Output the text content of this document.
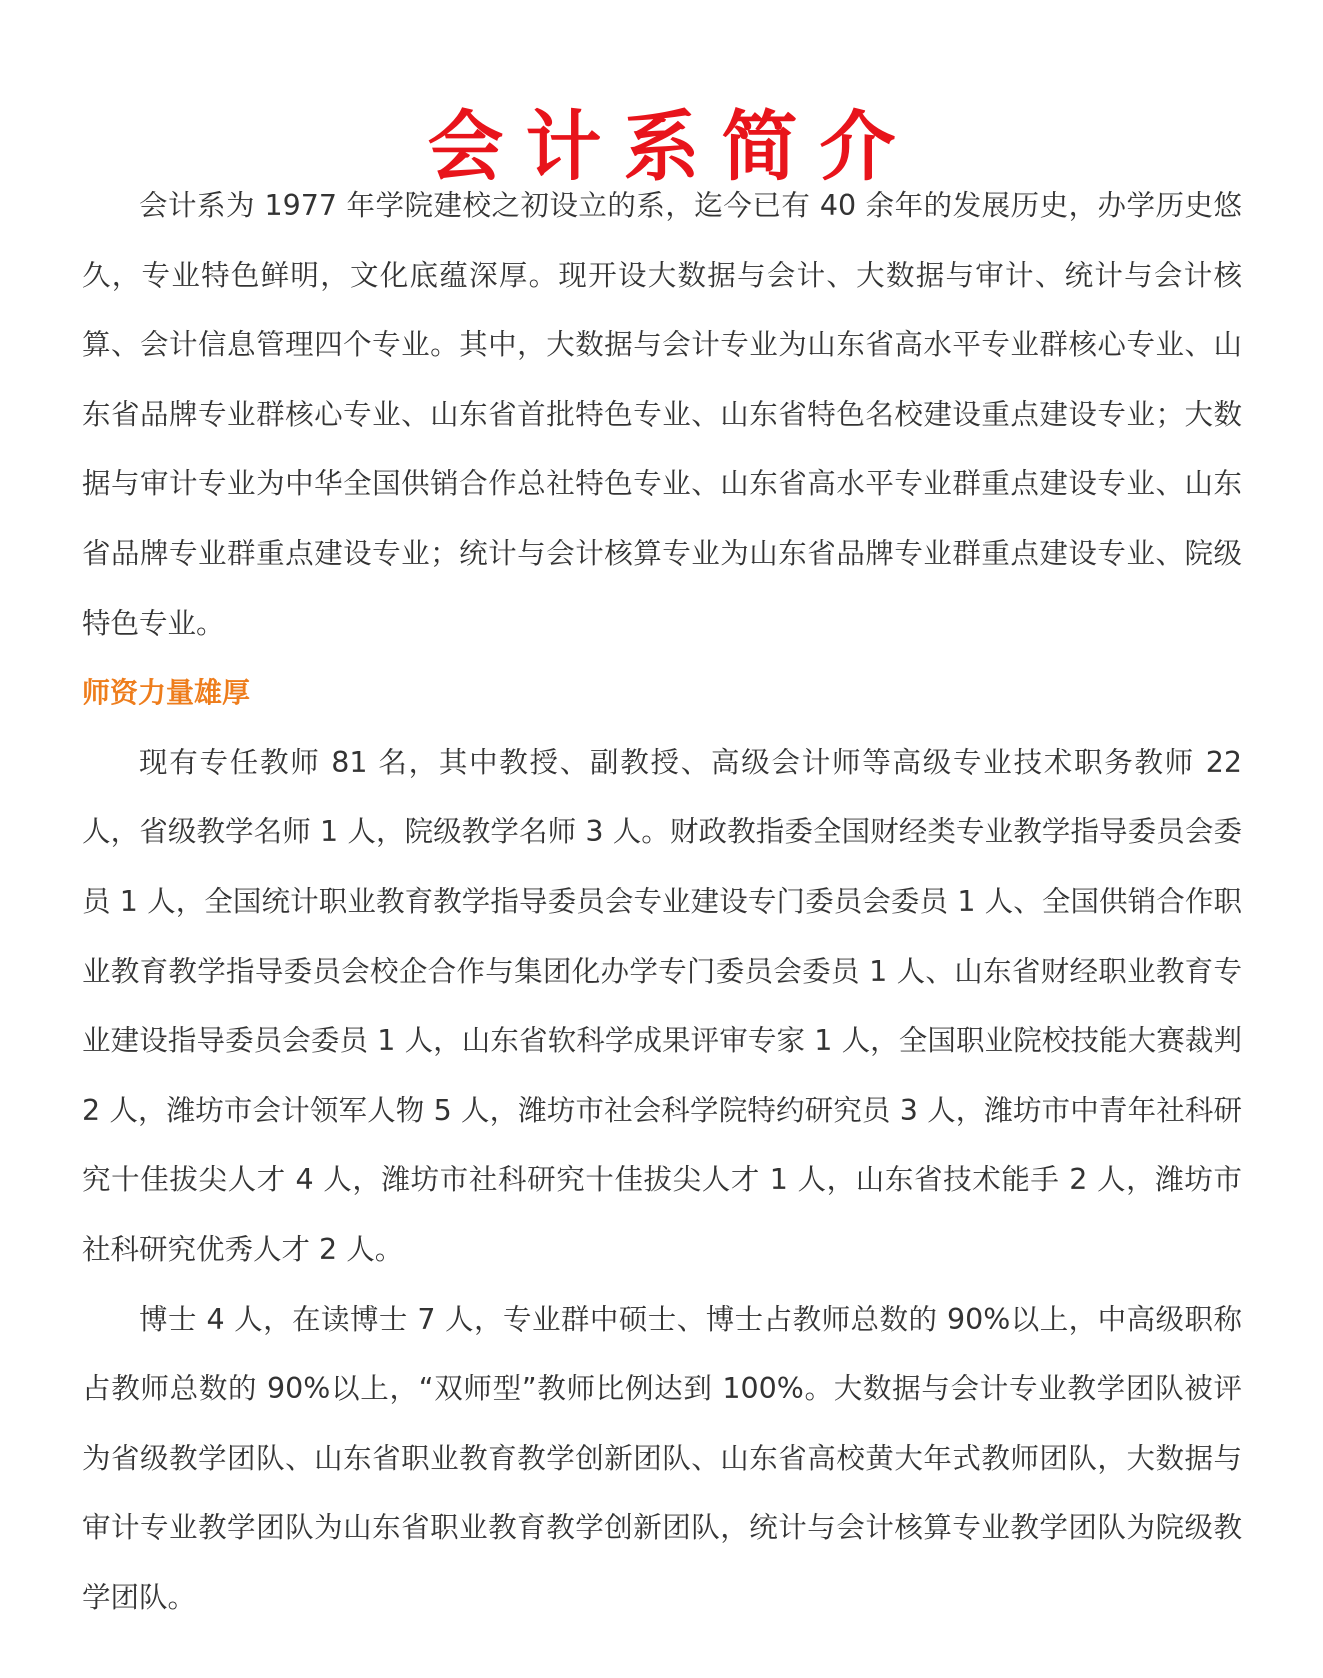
会计系简介

会计系为 1977 年学院建校之初设立的系，迄今已有 40 余年的发展历史，办学历史悠久，专业特色鲜明，文化底蕴深厚。现开设大数据与会计、大数据与审计、统计与会计核算、会计信息管理四个专业。其中，大数据与会计专业为山东省高水平专业群核心专业、山东省品牌专业群核心专业、山东省首批特色专业、山东省特色名校建设重点建设专业；大数据与审计专业为中华全国供销合作总社特色专业、山东省高水平专业群重点建设专业、山东省品牌专业群重点建设专业；统计与会计核算专业为山东省品牌专业群重点建设专业、院级特色专业。

师资力量雄厚

现有专任教师 81 名，其中教授、副教授、高级会计师等高级专业技术职务教师 22 人，省级教学名师 1 人，院级教学名师 3 人。财政教指委全国财经类专业教学指导委员会委员 1 人，全国统计职业教育教学指导委员会专业建设专门委员会委员 1 人、全国供销合作职业教育教学指导委员会校企合作与集团化办学专门委员会委员 1 人、山东省财经职业教育专业建设指导委员会委员 1 人，山东省软科学成果评审专家 1 人，全国职业院校技能大赛裁判 2 人，潍坊市会计领军人物 5 人，潍坊市社会科学院特约研究员 3 人，潍坊市中青年社科研究十佳拔尖人才 4 人，潍坊市社科研究十佳拔尖人才 1 人，山东省技术能手 2 人，潍坊市社科研究优秀人才 2 人。

博士 4 人，在读博士 7 人，专业群中硕士、博士占教师总数的 90%以上，中高级职称占教师总数的 90%以上，“双师型”教师比例达到 100%。大数据与会计专业教学团队被评为省级教学团队、山东省职业教育教学创新团队、山东省高校黄大年式教师团队，大数据与审计专业教学团队为山东省职业教育教学创新团队，统计与会计核算专业教学团队为院级教学团队。
